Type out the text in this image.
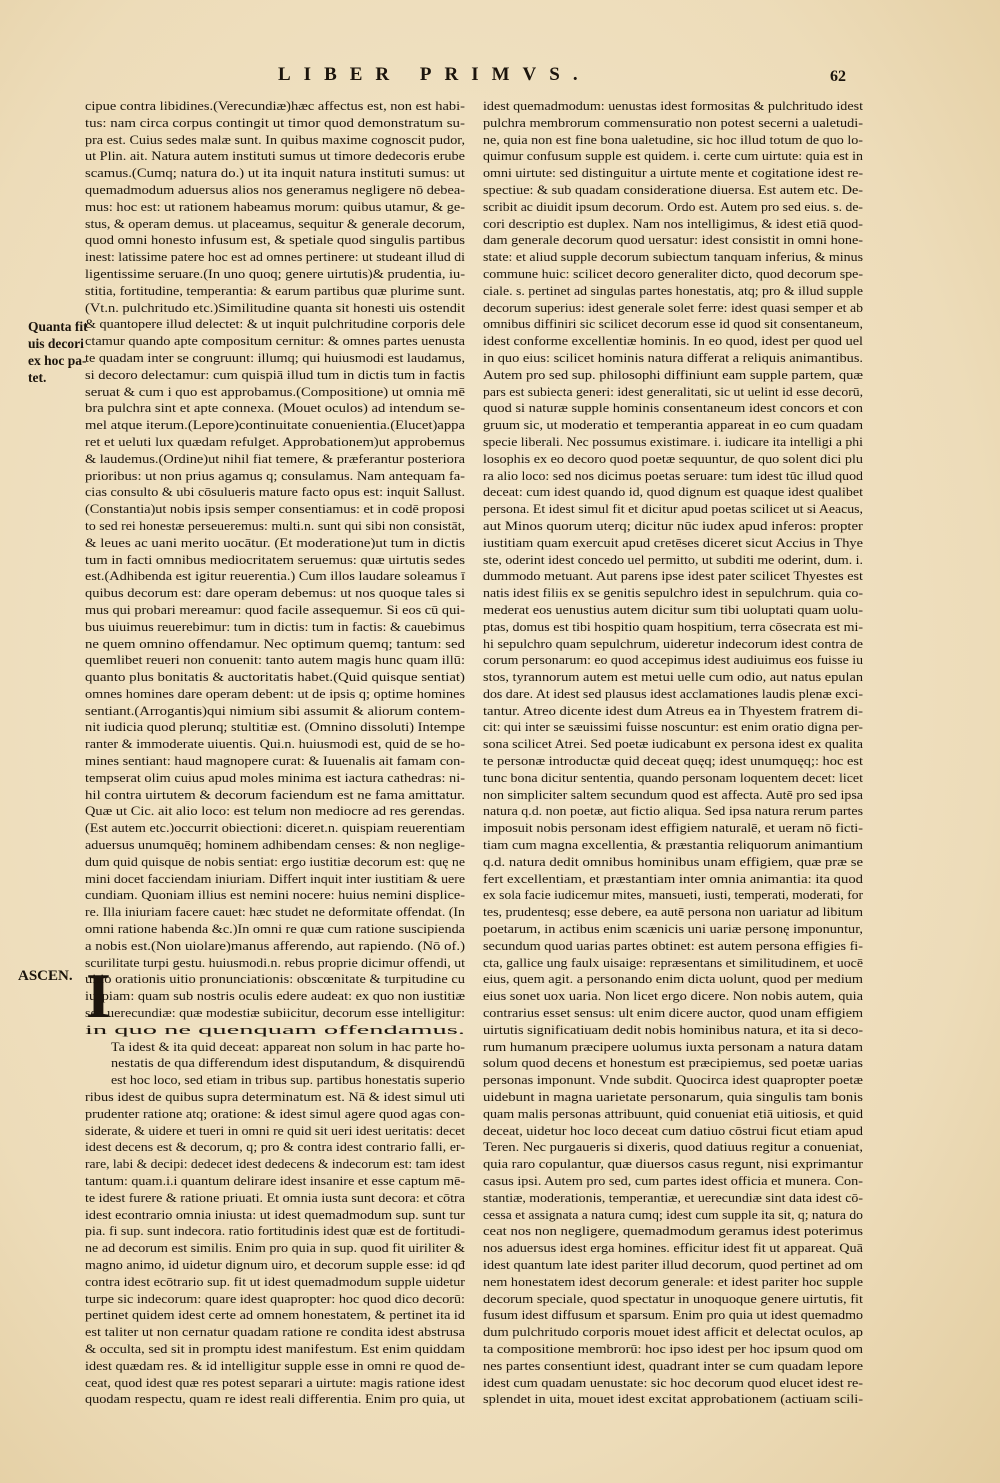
LIBER PRIMVS.	62
Quanta fit
uis decori
ex hoc pa-
tet.
ASCEN. I
cipue contra libidines.(Verecundiæ)hæc affectus est, non est habi-
tus: nam circa corpus contingit ut timor quod demonstratum su-
pra est. Cuius sedes malæ sunt. In quibus maxime cognoscit pudor,
ut Plin. ait. Natura autem instituti sumus ut timore dedecoris erube
scamus.(Cumq; natura do.) ut ita inquit natura instituti sumus: ut
quemadmodum aduersus alios nos generamus negligere nō debea-
mus: hoc est: ut rationem habeamus morum: quibus utamur, & ge-
stus, & operam demus. ut placeamus, sequitur & generale decorum,
quod omni honesto infusum est, & spetiale quod singulis partibus
inest: latissime patere hoc est ad omnes pertinere: ut studeant illud di
ligentissime seruare.(In uno quoq; genere uirtutis)& prudentia, iu-
stitia, fortitudine, temperantia: & earum partibus quæ plurime sunt.
(Vt.n. pulchritudo etc.)Similitudine quanta sit honesti uis ostendit
& quantopere illud delectet: & ut inquit pulchritudine corporis dele
ctamur quando apte compositum cernitur: & omnes partes uenusta
te quadam inter se congruunt: illumq; qui huiusmodi est laudamus,
si decoro delectamur: cum quispiā illud tum in dictis tum in factis
seruat & cum i quo est approbamus.(Compositione) ut omnia mē
bra pulchra sint et apte connexa. (Mouet oculos) ad intendum se-
mel atque iterum.(Lepore)continuitate conuenientia.(Elucet)appa
ret et ueluti lux quædam refulget. Approbationem)ut approbemus
& laudemus.(Ordine)ut nihil fiat temere, & præferantur posteriora
prioribus: ut non prius agamus q; consulamus. Nam antequam fa-
cias consulto & ubi cōsulueris mature facto opus est: inquit Sallust.
(Constantia)ut nobis ipsis semper consentiamus: et in codē proposi
to sed rei honestæ perseueremus: multi.n. sunt qui sibi non consistāt,
& leues ac uani merito uocātur. (Et moderatione)ut tum in dictis
tum in facti omnibus mediocritatem seruemus: quæ uirtutis sedes
est.(Adhibenda est igitur reuerentia.) Cum illos laudare soleamus ī
quibus decorum est: dare operam debemus: ut nos quoque tales si
mus qui probari mereamur: quod facile assequemur. Si eos cū qui-
bus uiuimus reuerebimur: tum in dictis: tum in factis: & cauebimus
ne quem omnino offendamur. Nec optimum quemq; tantum: sed
quemlibet reueri non conuenit: tanto autem magis hunc quam illū:
quanto plus bonitatis & auctoritatis habet.(Quid quisque sentiat)
omnes homines dare operam debent: ut de ipsis q; optime homines
sentiant.(Arrogantis)qui nimium sibi assumit & aliorum contem-
nit iudicia quod plerunq; stultitiæ est. (Omnino dissoluti) Intempe
ranter & immoderate uiuentis. Qui.n. huiusmodi est, quid de se ho-
mines sentiant: haud magnopere curat: & Iuuenalis ait famam con-
tempserat olim cuius apud moles minima est iactura cathedras: ni-
hil contra uirtutem & decorum faciendum est ne fama amittatur.
Quæ ut Cic. ait alio loco: est telum non mediocre ad res gerendas.
(Est autem etc.)occurrit obiectioni: diceret.n. quispiam reuerentiam
aduersus unumquēq; hominem adhibendam censes: & non neglige-
dum quid quisque de nobis sentiat: ergo iustitiæ decorum est: quę ne
mini docet facciendam iniuriam. Differt inquit inter iustitiam & uere
cundiam. Quoniam illius est nemini nocere: huius nemini displice-
re. Illa iniuriam facere cauet: hæc studet ne deformitate offendat. (In
omni ratione habenda &c.)In omni re quæ cum ratione suscipienda
a nobis est.(Non uiolare)manus afferendo, aut rapiendo. (Nō of.)
scurilitate turpi gestu. huiusmodi.n. rebus proprie dicimur offendi, ut
uitio orationis uitio pronunciationis: obscœnitate & turpitudine cu
iuspiam: quam sub nostris oculis edere audeat: ex quo non iustitiæ
sed uerecundiæ: quæ modestiæ subiicitur, decorum esse intelligitur:
in quo ne quenquam offendamus.
Ta idest & ita quid deceat: appareat non solum in hac parte ho-
nestatis de qua differendum idest disputandum, & disquirendū
est hoc loco, sed etiam in tribus sup. partibus honestatis superio
ribus idest de quibus supra determinatum est. Nā & idest simul uti
prudenter ratione atq; oratione: & idest simul agere quod agas con-
siderate, & uidere et tueri in omni re quid sit ueri idest ueritatis: decet
idest decens est & decorum, q; pro & contra idest contrario falli, er-
rare, labi & decipi: dedecet idest dedecens & indecorum est: tam idest
tantum: quam.i.i quantum delirare idest insanire et esse captum mē-
te idest furere & ratione priuati. Et omnia iusta sunt decora: et cōtra
idest econtrario omnia iniusta: ut idest quemadmodum sup. sunt tur
pia. fi sup. sunt indecora. ratio fortitudinis idest quæ est de fortitudi-
ne ad decorum est similis. Enim pro quia in sup. quod fit uiriliter &
magno animo, id uidetur dignum uiro, et decorum supple esse: id qđ
contra idest ecōtrario sup. fit ut idest quemadmodum supple uidetur
turpe sic indecorum: quare idest quapropter: hoc quod dico decorū:
pertinet quidem idest certe ad omnem honestatem, & pertinet ita id
est taliter ut non cernatur quadam ratione re condita idest abstrusa
& occulta, sed sit in promptu idest manifestum. Est enim quiddam
idest quædam res. & id intelligitur supple esse in omni re quod de-
ceat, quod idest quæ res potest separari a uirtute: magis ratione idest
quodam respectu, quam re idest reali differentia. Enim pro quia, ut
idest quemadmodum: uenustas idest formositas & pulchritudo idest
pulchra membrorum commensuratio non potest secerni a ualetudi-
ne, quia non est fine bona ualetudine, sic hoc illud totum de quo lo-
quimur confusum supple est quidem. i. certe cum uirtute: quia est in
omni uirtute: sed distinguitur a uirtute mente et cogitatione idest re-
spectiue: & sub quadam consideratione diuersa. Est autem etc. De-
scribit ac diuidit ipsum decorum. Ordo est. Autem pro sed eius. s. de-
cori descriptio est duplex. Nam nos intelligimus, & idest etiā quod-
dam generale decorum quod uersatur: idest consistit in omni hone-
state: et aliud supple decorum subiectum tanquam inferius, & minus
commune huic: scilicet decoro generaliter dicto, quod decorum spe-
ciale. s. pertinet ad singulas partes honestatis, atq; pro & illud supple
decorum superius: idest generale solet ferre: idest quasi semper et ab
omnibus diffiniri sic scilicet decorum esse id quod sit consentaneum,
idest conforme excellentiæ hominis. In eo quod, idest per quod uel
in quo eius: scilicet hominis natura differat a reliquis animantibus.
Autem pro sed sup. philosophi diffiniunt eam supple partem, quæ
pars est subiecta generi: idest generalitati, sic ut uelint id esse decorū,
quod si naturæ supple hominis consentaneum idest concors et con
gruum sic, ut moderatio et temperantia appareat in eo cum quadam
specie liberali. Nec possumus existimare. i. iudicare ita intelligi a phi
losophis ex eo decoro quod poetæ sequuntur, de quo solent dici plu
ra alio loco: sed nos dicimus poetas seruare: tum idest tūc illud quod
deceat: cum idest quando id, quod dignum est quaque idest qualibet
persona. Et idest simul fit et dicitur apud poetas scilicet ut si Aeacus,
aut Minos quorum uterq; dicitur nūc iudex apud inferos: propter
iustitiam quam exercuit apud cretēses diceret sicut Accius in Thye
ste, oderint idest concedo uel permitto, ut subditi me oderint, dum. i.
dummodo metuant. Aut parens ipse idest pater scilicet Thyestes est
natis idest filiis ex se genitis sepulchro idest in sepulchrum. quia co-
mederat eos uenustius autem dicitur sum tibi uoluptati quam uolu-
ptas, domus est tibi hospitio quam hospitium, terra cōsecrata est mi-
hi sepulchro quam sepulchrum, uideretur indecorum idest contra de
corum personarum: eo quod accepimus idest audiuimus eos fuisse iu
stos, tyrannorum autem est metui uelle cum odio, aut natus epulan
dos dare. At idest sed plausus idest acclamationes laudis plenæ exci-
tantur. Atreo dicente idest dum Atreus ea in Thyestem fratrem di-
cit: qui inter se sæuissimi fuisse noscuntur: est enim oratio digna per-
sona scilicet Atrei. Sed poetæ iudicabunt ex persona idest ex qualita
te personæ introductæ quid deceat quęq; idest unumquęq;: hoc est
tunc bona dicitur sententia, quando personam loquentem decet: licet
non simpliciter saltem secundum quod est affecta. Autē pro sed ipsa
natura q.d. non poetæ, aut fictio aliqua. Sed ipsa natura rerum partes
imposuit nobis personam idest effigiem naturalē, et ueram nō ficti-
tiam cum magna excellentia, & præstantia reliquorum animantium
q.d. natura dedit omnibus hominibus unam effigiem, quæ præ se
fert excellentiam, et præstantiam inter omnia animantia: ita quod
ex sola facie iudicemur mites, mansueti, iusti, temperati, moderati, for
tes, prudentesq; esse debere, ea autē persona non uariatur ad libitum
poetarum, in actibus enim scænicis uni uariæ personę imponuntur,
secundum quod uarias partes obtinet: est autem persona effigies fi-
cta, gallice ung faulx uisaige: repræsentans et similitudinem, et uocē
eius, quem agit. a personando enim dicta uolunt, quod per medium
eius sonet uox uaria. Non licet ergo dicere. Non nobis autem, quia
contrarius esset sensus: ult enim dicere auctor, quod unam effigiem
uirtutis significatiuam dedit nobis hominibus natura, et ita si deco-
rum humanum præcipere uolumus iuxta personam a natura datam
solum quod decens et honestum est præcipiemus, sed poetæ uarias
personas imponunt. Vnde subdit. Quocirca idest quapropter poetæ
uidebunt in magna uarietate personarum, quia singulis tam bonis
quam malis personas attribuunt, quid conueniat etiā uitiosis, et quid
deceat, uidetur hoc loco deceat cum datiuo cōstrui ficut etiam apud
Teren. Nec purgaueris si dixeris, quod datiuus regitur a conueniat,
quia raro copulantur, quæ diuersos casus regunt, nisi exprimantur
casus ipsi. Autem pro sed, cum partes idest officia et munera. Con-
stantiæ, moderationis, temperantiæ, et uerecundiæ sint data idest cō-
cessa et assignata a natura cumq; idest cum supple ita sit, q; natura do
ceat nos non negligere, quemadmodum geramus idest poterimus
nos aduersus idest erga homines. efficitur idest fit ut appareat. Quā
idest quantum late idest pariter illud decorum, quod pertinet ad om
nem honestatem idest decorum generale: et idest pariter hoc supple
decorum speciale, quod spectatur in unoquoque genere uirtutis, fit
fusum idest diffusum et sparsum. Enim pro quia ut idest quemadmo
dum pulchritudo corporis mouet idest afficit et delectat oculos, ap
ta compositione membrorū: hoc ipso idest per hoc ipsum quod om
nes partes consentiunt idest, quadrant inter se cum quadam lepore
idest cum quadam uenustate: sic hoc decorum quod elucet idest re-
splendet in uita, mouet idest excitat approbationem (actiuam scili-
